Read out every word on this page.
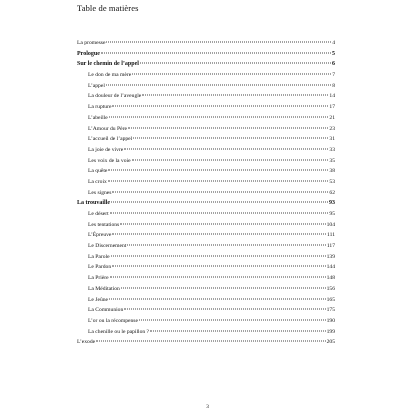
Table de matières
La promesse	4
Prologue	5
Sur le chemin de l’appel	6
Le don de ma mère	7
L’appel	8
La douleur de l’aveugle	14
La rupture	17
L’abeille	21
L’Amour du Père	23
L’accueil de l’appel	31
La joie de vivre	33
Les voix de la voie	35
La quête	38
La croix	53
Les signes	62
La trouvaille	93
Le désert	95
Les tentations	104
L’Épreuve	111
Le Discernement	117
La Parole	139
Le Pardon	144
La Prière	148
La Méditation	156
Le Jeûne	165
La Communion	175
L’or ou la récompense	190
La chenille ou le papillon ?	199
L’exode	205
3
